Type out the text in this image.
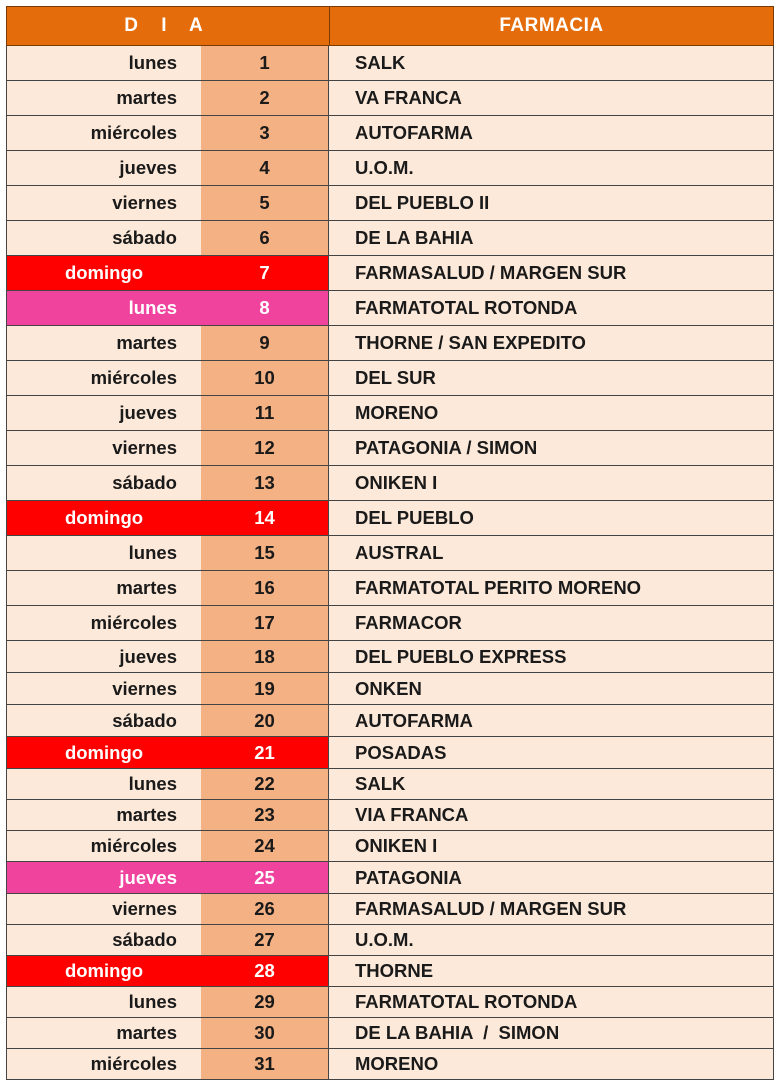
D I A	FARMACIA
lunes	1	SALK
martes	2	VA FRANCA
miércoles	3	AUTOFARMA
jueves	4	U.O.M.
viernes	5	DEL PUEBLO II
sábado	6	DE LA BAHIA
domingo	7	FARMASALUD / MARGEN SUR
lunes	8	FARMATOTAL ROTONDA
martes	9	THORNE / SAN EXPEDITO
miércoles	10	DEL SUR
jueves	11	MORENO
viernes	12	PATAGONIA / SIMON
sábado	13	ONIKEN I
domingo	14	DEL PUEBLO
lunes	15	AUSTRAL
martes	16	FARMATOTAL PERITO MORENO
miércoles	17	FARMACOR
jueves	18	DEL PUEBLO EXPRESS
viernes	19	ONKEN
sábado	20	AUTOFARMA
domingo	21	POSADAS
lunes	22	SALK
martes	23	VIA FRANCA
miércoles	24	ONIKEN I
jueves	25	PATAGONIA
viernes	26	FARMASALUD / MARGEN SUR
sábado	27	U.O.M.
domingo	28	THORNE
lunes	29	FARMATOTAL ROTONDA
martes	30	DE LA BAHIA  /  SIMON
miércoles	31	MORENO
